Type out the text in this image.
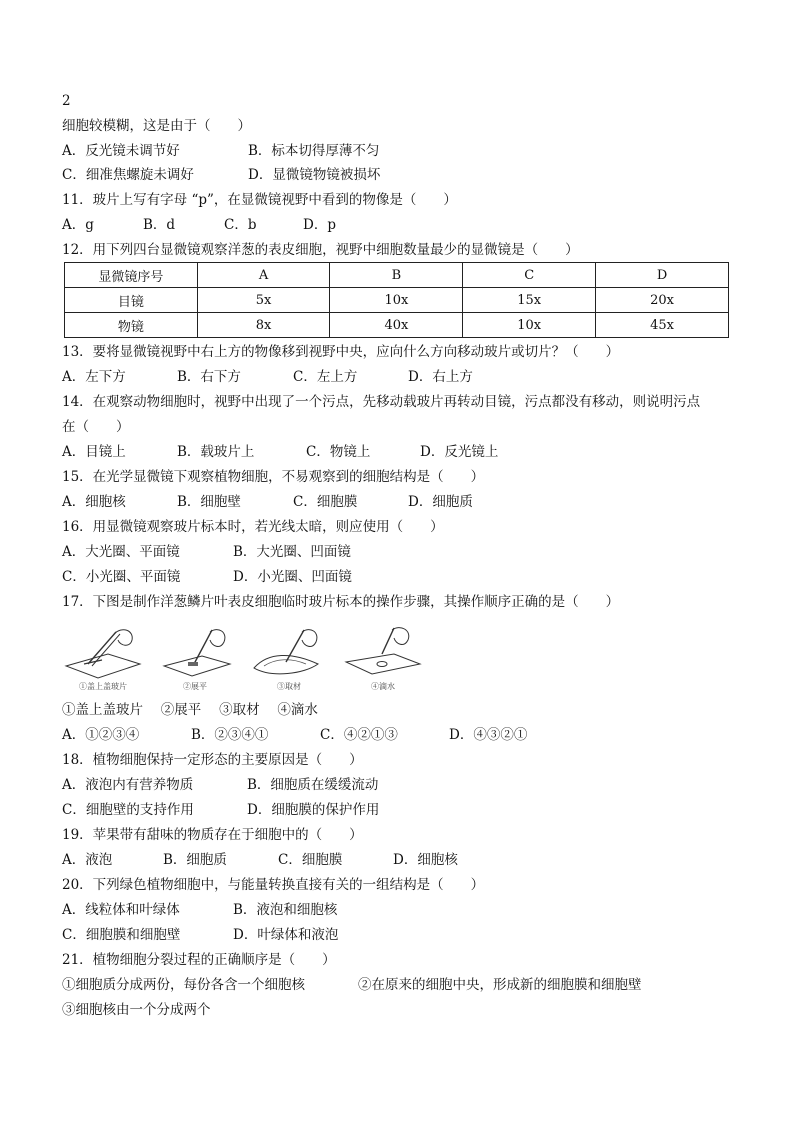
2
细胞较模糊，这是由于（　　）
A．反光镜未调节好	B．标本切得厚薄不匀
C．细准焦螺旋未调好	D．显微镜物镜被损坏
11．玻片上写有字母 “p”，在显微镜视野中看到的物像是（　　）
A．g	B．d	C．b	D．p
12．用下列四台显微镜观察洋葱的表皮细胞，视野中细胞数量最少的显微镜是（　　）
显微镜序号	A	B	C	D
目镜	5x	10x	15x	20x
物镜	8x	40x	10x	45x
13．要将显微镜视野中右上方的物像移到视野中央，应向什么方向移动玻片或切片？（　　）
A．左下方	B．右下方	C．左上方	D．右上方
14．在观察动物细胞时，视野中出现了一个污点，先移动载玻片再转动目镜，污点都没有移动，则说明污点
在（　　）
A．目镜上	B．载玻片上	C．物镜上	D．反光镜上
15．在光学显微镜下观察植物细胞，不易观察到的细胞结构是（　　）
A．细胞核	B．细胞壁	C．细胞膜	D．细胞质
16．用显微镜观察玻片标本时，若光线太暗，则应使用（　　）
A．大光圈、平面镜	B．大光圈、凹面镜
C．小光圈、平面镜	D．小光圈、凹面镜
17．下图是制作洋葱鳞片叶表皮细胞临时玻片标本的操作步骤，其操作顺序正确的是（　　）
①盖上盖玻片	②展平	③取材	④滴水
①盖上盖玻片　 ②展平　 ③取材　 ④滴水
A．①②③④	B．②③④①	C．④②①③	D．④③②①
18．植物细胞保持一定形态的主要原因是（　　）
A．液泡内有营养物质	B．细胞质在缓缓流动
C．细胞壁的支持作用	D．细胞膜的保护作用
19．苹果带有甜味的物质存在于细胞中的（　　）
A．液泡	B．细胞质	C．细胞膜	D．细胞核
20．下列绿色植物细胞中，与能量转换直接有关的一组结构是（　　）
A．线粒体和叶绿体	B．液泡和细胞核
C．细胞膜和细胞壁	D．叶绿体和液泡
21．植物细胞分裂过程的正确顺序是（　　）
①细胞质分成两份，每份各含一个细胞核	②在原来的细胞中央，形成新的细胞膜和细胞壁
③细胞核由一个分成两个
